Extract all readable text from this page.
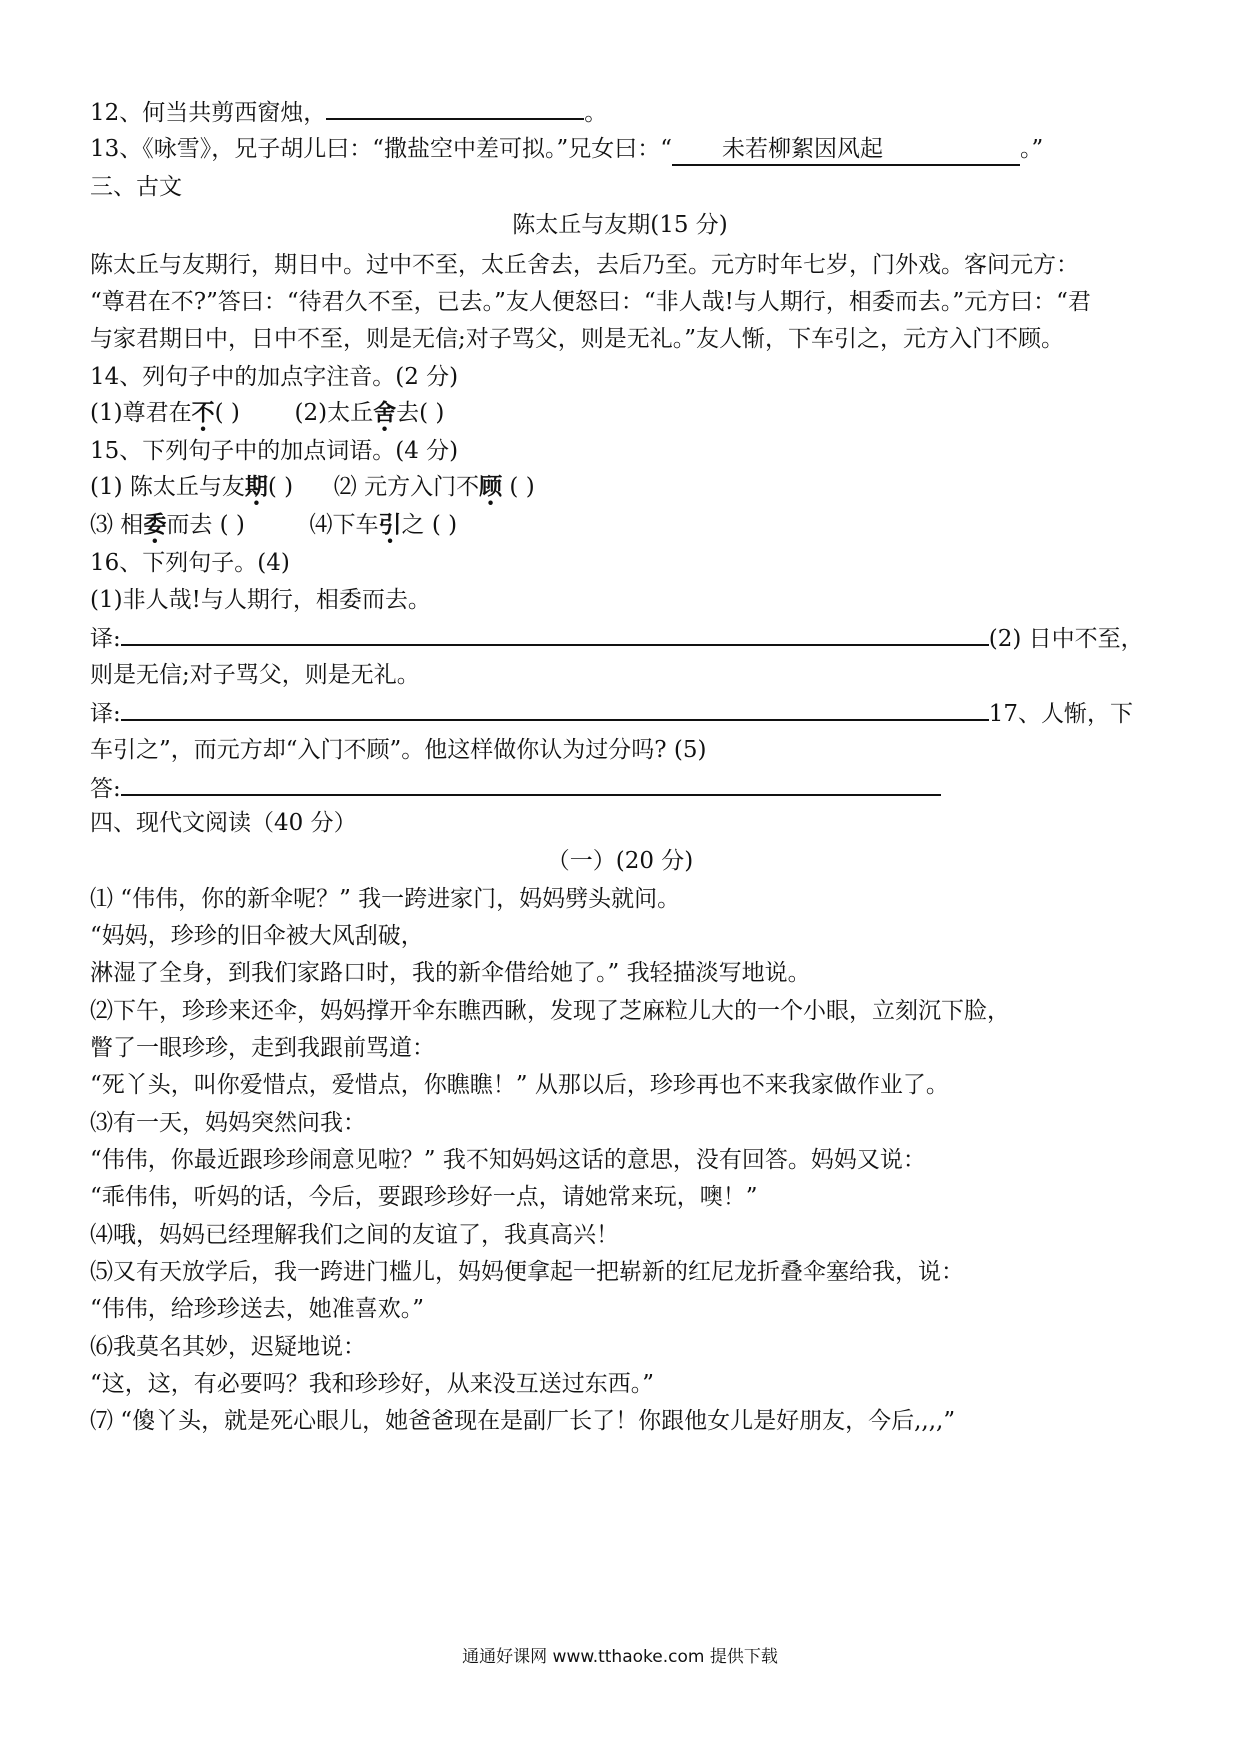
12、何当共剪西窗烛，	。
13、《咏雪》，兄子胡儿曰：“撒盐空中差可拟。”兄女曰：“ 未若柳絮因风起	。”
三、古文
陈太丘与友期(15 分)
陈太丘与友期行，期日中。过中不至，太丘舍去，去后乃至。元方时年七岁，门外戏。客问元方：
“尊君在不?”答曰：“待君久不至，已去。”友人便怒曰：“非人哉!与人期行，相委而去。”元方曰：“君
与家君期日中，日中不至，则是无信;对子骂父，则是无礼。”友人惭，下车引之，元方入门不顾。
14、列句子中的加点字注音。(2 分)
(1)尊君在不( ) (2)太丘舍去( )
15、下列句子中的加点词语。(4 分)
(1) 陈太丘与友期( ) ⑵ 元方入门不顾 ( )
⑶ 相委而去 ( )	⑷下车引之 ( )
16、下列句子。(4)
(1)非人哉!与人期行，相委而去。
译:	(2) 日中不至，
则是无信;对子骂父，则是无礼。
译:	17、人惭，下
车引之”，而元方却“入门不顾”。他这样做你认为过分吗? (5)
答:
四、现代文阅读（40 分）
（一）(20 分)
⑴ “伟伟，你的新伞呢？” 我一跨进家门，妈妈劈头就问。
“妈妈，珍珍的旧伞被大风刮破，
淋湿了全身，到我们家路口时，我的新伞借给她了。” 我轻描淡写地说。
⑵下午，珍珍来还伞，妈妈撑开伞东瞧西瞅，发现了芝麻粒儿大的一个小眼，立刻沉下脸，
瞥了一眼珍珍，走到我跟前骂道：
“死丫头，叫你爱惜点，爱惜点，你瞧瞧！” 从那以后，珍珍再也不来我家做作业了。
⑶有一天，妈妈突然问我：
“伟伟，你最近跟珍珍闹意见啦？” 我不知妈妈这话的意思，没有回答。妈妈又说：
“乖伟伟，听妈的话，今后，要跟珍珍好一点，请她常来玩，噢！”
⑷哦，妈妈已经理解我们之间的友谊了，我真高兴！
⑸又有天放学后，我一跨进门槛儿，妈妈便拿起一把崭新的红尼龙折叠伞塞给我，说：
“伟伟，给珍珍送去，她准喜欢。”
⑹我莫名其妙，迟疑地说：
“这，这，有必要吗？我和珍珍好，从来没互送过东西。”
⑺ “傻丫头，就是死心眼儿，她爸爸现在是副厂长了！你跟他女儿是好朋友，今后,,,,”
通通好课网 www.tthaoke.com 提供下载
